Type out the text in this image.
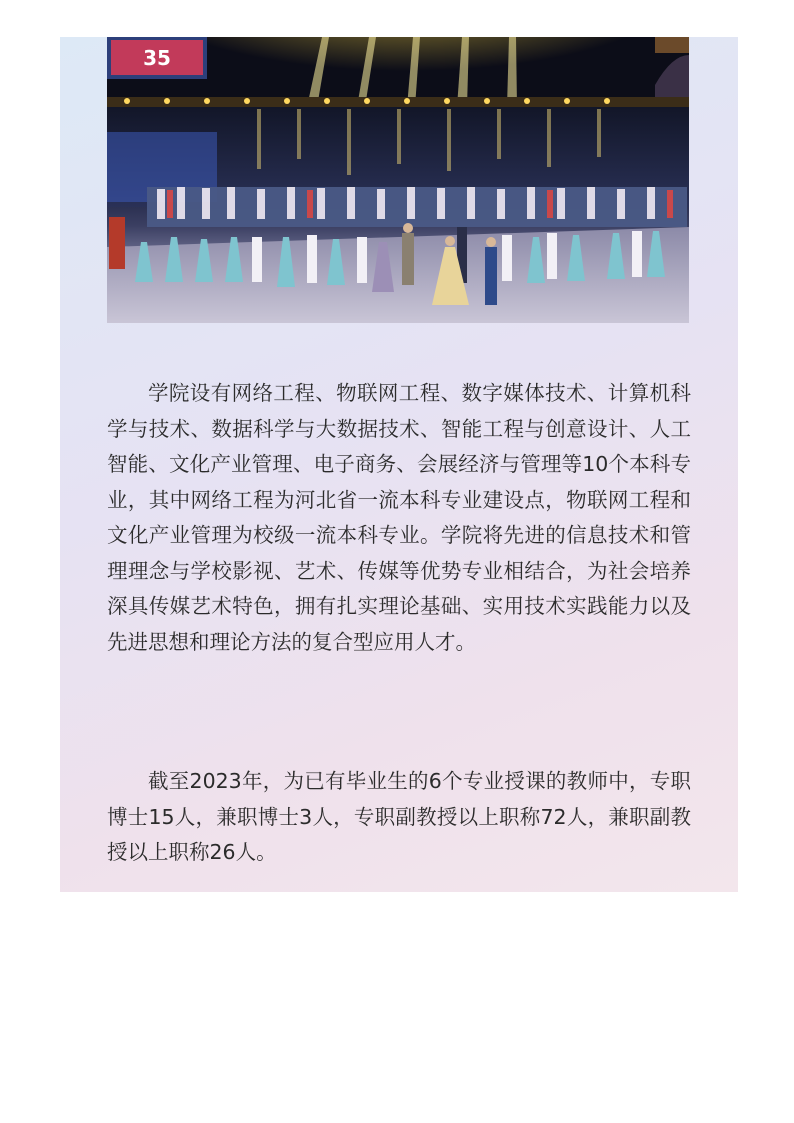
35

学院设有网络工程、物联网工程、数字媒体技术、计算机科学与技术、数据科学与大数据技术、智能工程与创意设计、人工智能、文化产业管理、电子商务、会展经济与管理等10个本科专业，其中网络工程为河北省一流本科专业建设点，物联网工程和文化产业管理为校级一流本科专业。学院将先进的信息技术和管理理念与学校影视、艺术、传媒等优势专业相结合，为社会培养深具传媒艺术特色，拥有扎实理论基础、实用技术实践能力以及先进思想和理论方法的复合型应用人才。

截至2023年，为已有毕业生的6个专业授课的教师中，专职博士15人，兼职博士3人，专职副教授以上职称72人，兼职副教授以上职称26人。
